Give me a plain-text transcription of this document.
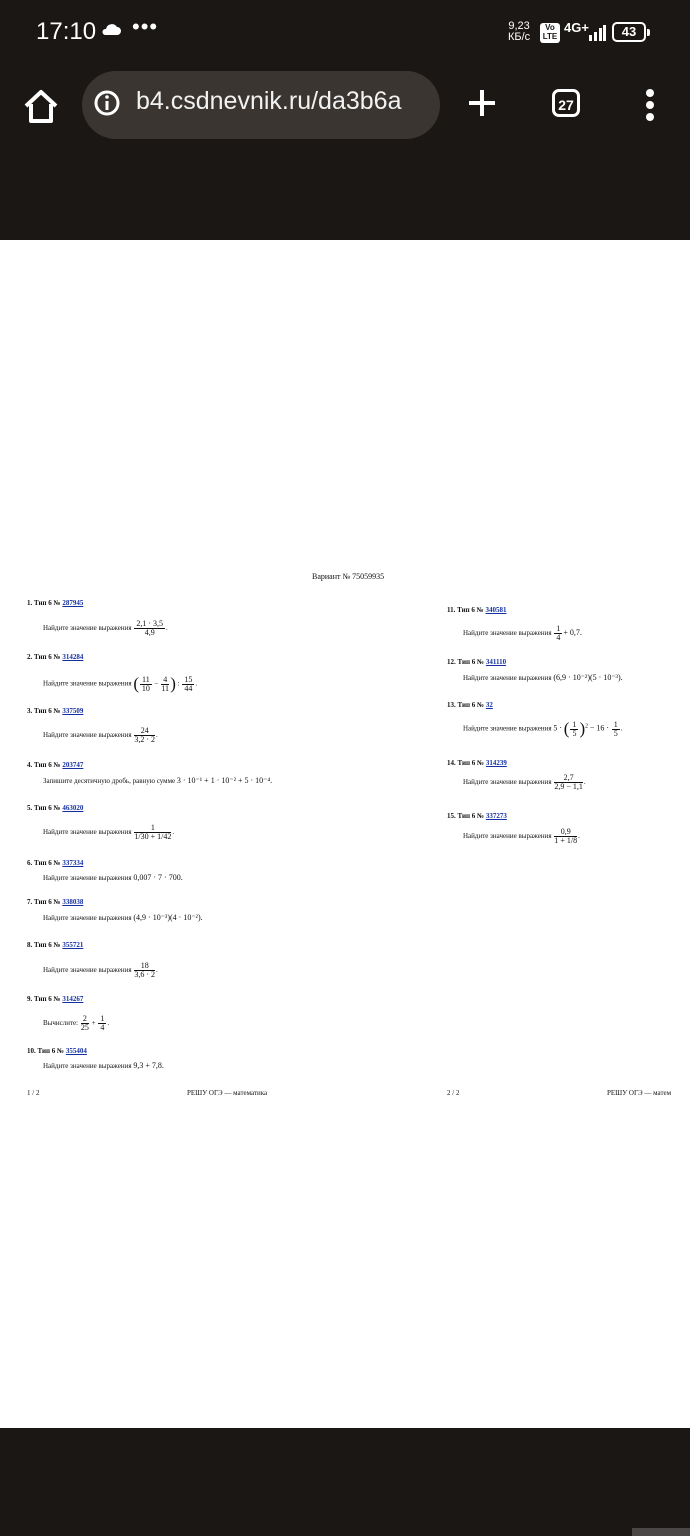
17:10 •••	9,23
КБ/с
Vo
LTE
4G+	43
b4.csdnevnik.ru/da3b6a	27
Вариант № 75059935
1. Тип 6 № 287945
Найдите значение выражения $\frac{2,1 \cdot 3,5}{4,9}$ .
2. Тип 6 № 314284
Найдите значение выражения ( $\frac{11}{10} - \frac{4}{11}$ ) : $\frac{15}{44}$ .
3. Тип 6 № 337509
Найдите значение выражения $\frac{24}{3,2 \cdot 2}$ .
4. Тип 6 № 203747
Запишите десятичную дробь, равную сумме 3 · 10⁻¹ + 1 · 10⁻² + 5 · 10⁻⁴.
5. Тип 6 № 463020
Найдите значение выражения $\frac{1}{1/30 + 1/42}$ .
6. Тип 6 № 337334
Найдите значение выражения 0,007 · 7 · 700.
7. Тип 6 № 338038
Найдите значение выражения (4,9 · 10⁻³)(4 · 10⁻²).
8. Тип 6 № 355721
Найдите значение выражения $\frac{18}{3,6 \cdot 2}$ .
9. Тип 6 № 314267
Вычислите: $\frac{2}{25} + \frac{1}{4}$ .
10. Тип 6 № 355404
Найдите значение выражения 9,3 + 7,8.
11. Тип 6 № 340581
Найдите значение выражения $\frac{1}{4} + 0,7$.
12. Тип 6 № 341110
Найдите значение выражения (6,9 · 10⁻²)(5 · 10⁻³).
13. Тип 6 № 32
Найдите значение выражения 5 · ( $\frac{1}{5} )^2 - 16 \cdot \frac{1}{5}$ .
14. Тип 6 № 314239
Найдите значение выражения $\frac{2,7}{2,9 - 1,1}$ .
15. Тип 6 № 337273
Найдите значение выражения $\frac{0,9}{1 + 1/8}$ .
1 / 2	РЕШУ ОГЭ — математика	2 / 2	РЕШУ ОГЭ — матем
